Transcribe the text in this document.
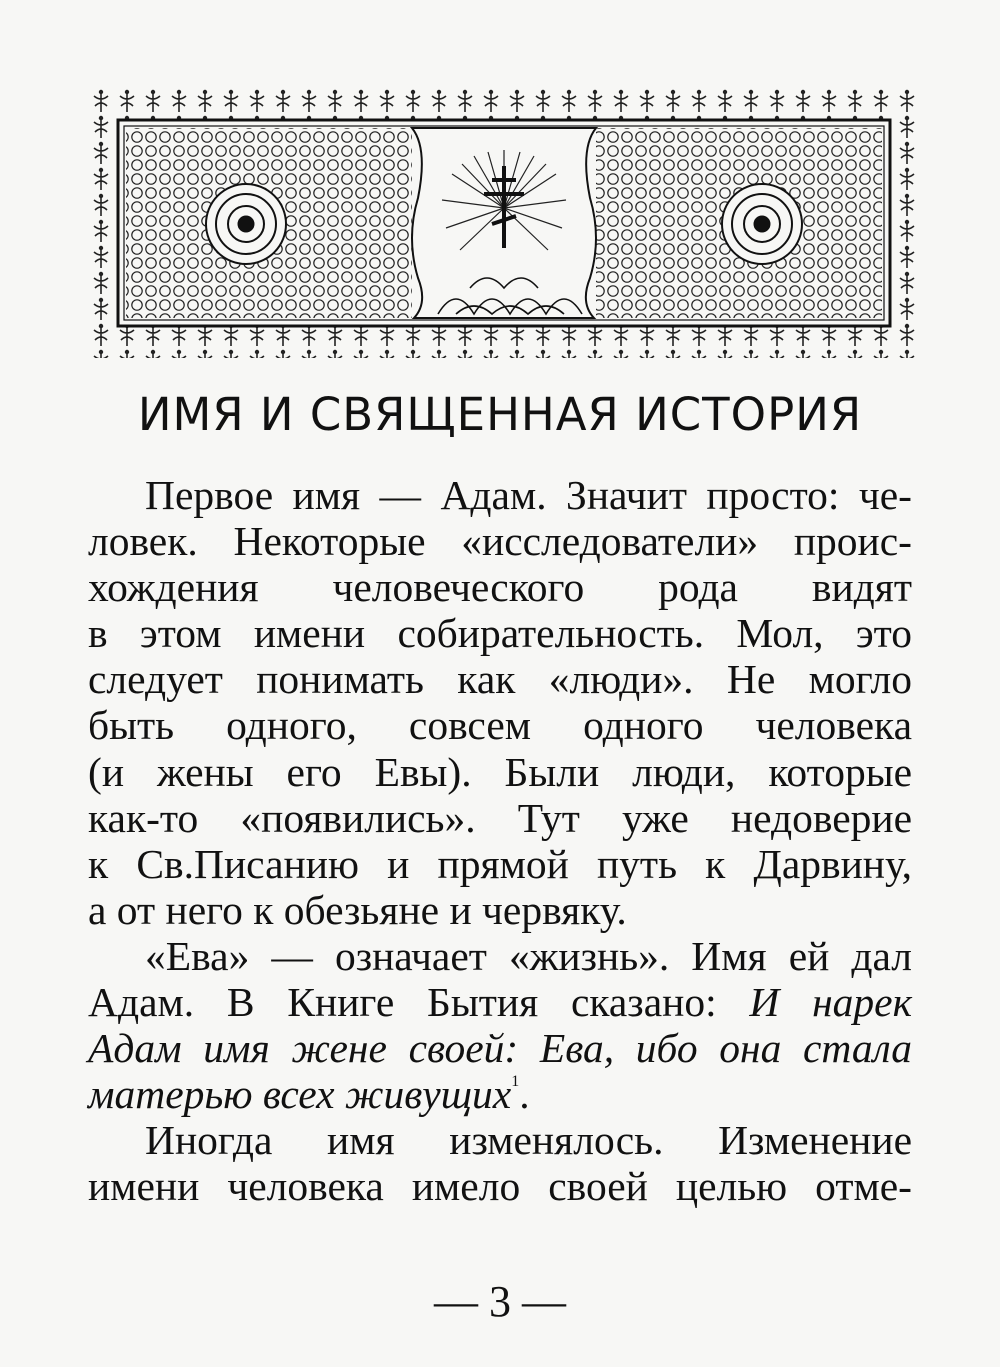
ИМЯ И СВЯЩЕННАЯ ИСТОРИЯ
Первое имя — Адам. Значит просто: че-
ловек. Некоторые «исследователи» проис-
хождения человеческого рода видят
в этом имени собирательность. Мол, это
следует понимать как «люди». Не могло
быть одного, совсем одного человека
(и жены его Евы). Были люди, которые
как-то «появились». Тут уже недоверие
к Св.Писанию и прямой путь к Дарвину,
а от него к обезьяне и червяку.
«Ева» — означает «жизнь». Имя ей дал
Адам. В Книге Бытия сказано: И нарек
Адам имя жене своей: Ева, ибо она стала
матерью всех живущих$^1$.
Иногда имя изменялось. Изменение
имени человека имело своей целью отме-
— 3 —
